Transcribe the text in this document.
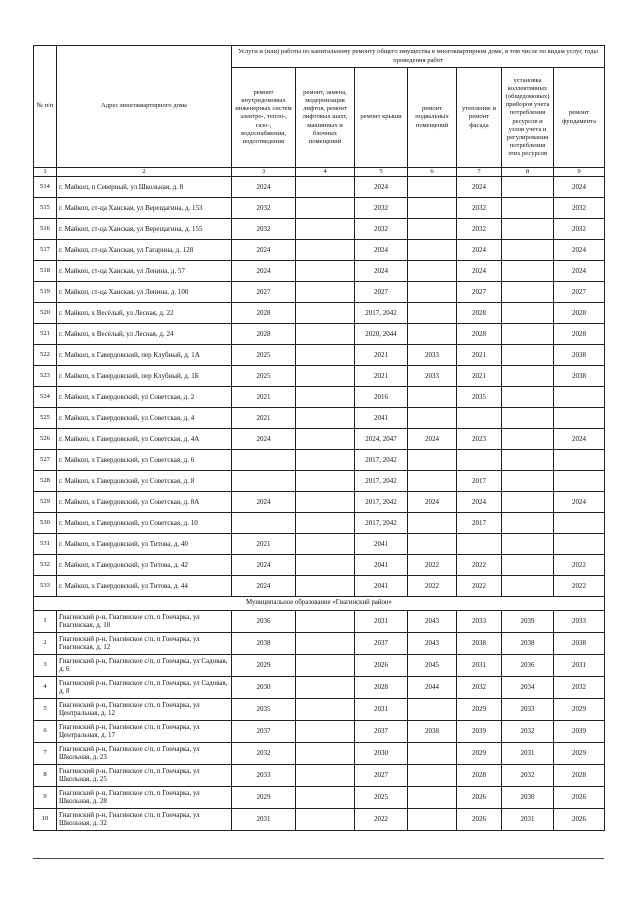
№ п/п	Адрес многоквартирного дома	Услуги и (или) работы по капитальному ремонту общего имущества в многоквартирном доме, в том числе по видам услуг, годы проведения работ						
		ремонт внутридомовых инженерных систем электро-, тепло-, газо-, водоснабжения, водоотведения	ремонт, замена, модернизация лифтов, ремонт лифтовых шахт, машинных и блочных помещений	ремонт крыши	ремонт подвальных помещений	утепление и ремонт фасада	установка коллективных (общедомовых) приборов учета потребления ресурсов и узлов учета и регулирования потребления этих ресурсов	ремонт фундамента
1	2	3	4	5	6	7	8	9
514	г. Майкоп, п Северный, ул Школьная, д. 8	2024		2024		2024		2024
515	г. Майкоп, ст-ца Ханская, ул Верещагина, д. 153	2032		2032		2032		2032
516	г. Майкоп, ст-ца Ханская, ул Верещагина, д. 155	2032		2032		2032		2032
517	г. Майкоп, ст-ца Ханская, ул Гагарина, д. 128	2024		2024		2024		2024
518	г. Майкоп, ст-ца Ханская, ул Ленина, д. 57	2024		2024		2024		2024
519	г. Майкоп, ст-ца Ханская, ул Ленина, д. 100	2027		2027		2027		2027
520	г. Майкоп, х Весёлый, ул Лесная, д. 22	2028		2017, 2042		2028		2028
521	г. Майкоп, х Весёлый, ул Лесная, д. 24	2028		2020, 2044		2028		2028
522	г. Майкоп, х Гавердовский, пер Клубный, д. 1А	2025		2021	2033	2021		2038
523	г. Майкоп, х Гавердовский, пер Клубный, д. 1Б	2025		2021	2033	2021		2038
524	г. Майкоп, х Гавердовский, ул Советская, д. 2	2021		2016		2035		
525	г. Майкоп, х Гавердовский, ул Советская, д. 4	2021		2041				
526	г. Майкоп, х Гавердовский, ул Советская, д. 4А	2024		2024, 2047	2024	2023		2024
527	г. Майкоп, х Гавердовский, ул Советская, д. 6			2017, 2042				
528	г. Майкоп, х Гавердовский, ул Советская, д. 8			2017, 2042		2017		
529	г. Майкоп, х Гавердовский, ул Советская, д. 8А	2024		2017, 2042	2024	2024		2024
530	г. Майкоп, х Гавердовский, ул Советская, д. 10			2017, 2042		2017		
531	г. Майкоп, х Гавердовский, ул Титова, д. 40	2021		2041				
532	г. Майкоп, х Гавердовский, ул Титова, д. 42	2024		2041	2022	2022		2022
533	г. Майкоп, х Гавердовский, ул Титова, д. 44	2024		2041	2022	2022		2022
Муниципальное образование «Гиагинский район»								
1	Гиагинский р-н, Гиагинское с/п, п Гончарка, ул Гиагинская, д. 10	2036		2031	2043	2033	2039	2033
2	Гиагинский р-н, Гиагинское с/п, п Гончарка, ул Гиагинская, д. 12	2038		2037	2043	2038	2038	2038
3	Гиагинский р-н, Гиагинское с/п, п Гончарка, ул Садовая, д. 6	2029		2026	2045	2031	2036	2031
4	Гиагинский р-н, Гиагинское с/п, п Гончарка, ул Садовая, д. 8	2030		2028	2044	2032	2034	2032
5	Гиагинский р-н, Гиагинское с/п, п Гончарка, ул Центральная, д. 12	2035		2031		2029	2033	2029
6	Гиагинский р-н, Гиагинское с/п, п Гончарка, ул Центральная, д. 17	2037		2037	2038	2039	2032	2039
7	Гиагинский р-н, Гиагинское с/п, п Гончарка, ул Школьная, д. 23	2032		2030		2029	2031	2029
8	Гиагинский р-н, Гиагинское с/п, п Гончарка, ул Школьная, д. 25	2033		2027		2028	2032	2028
9	Гиагинский р-н, Гиагинское с/п, п Гончарка, ул Школьная, д. 28	2029		2025		2026	2030	2026
10	Гиагинский р-н, Гиагинское с/п, п Гончарка, ул Школьная, д. 32	2031		2022		2026	2031	2026
